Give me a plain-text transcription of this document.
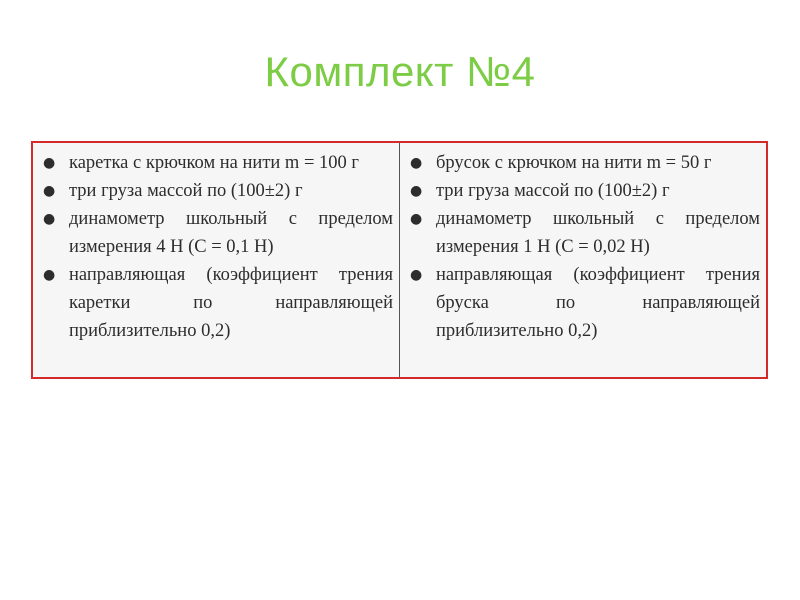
Комплект №4
● каретка с крючком на нити m = 100 г
● три груза массой по (100±2) г
● динамометр школьный с пределом измерения 4 Н (С = 0,1 Н)
● направляющая (коэффициент трения каретки по направляющей приблизительно 0,2)
● брусок с крючком на нити m = 50 г
● три груза массой по (100±2) г
● динамометр школьный с пределом измерения 1 Н (С = 0,02 Н)
● направляющая (коэффициент трения бруска по направляющей приблизительно 0,2)
